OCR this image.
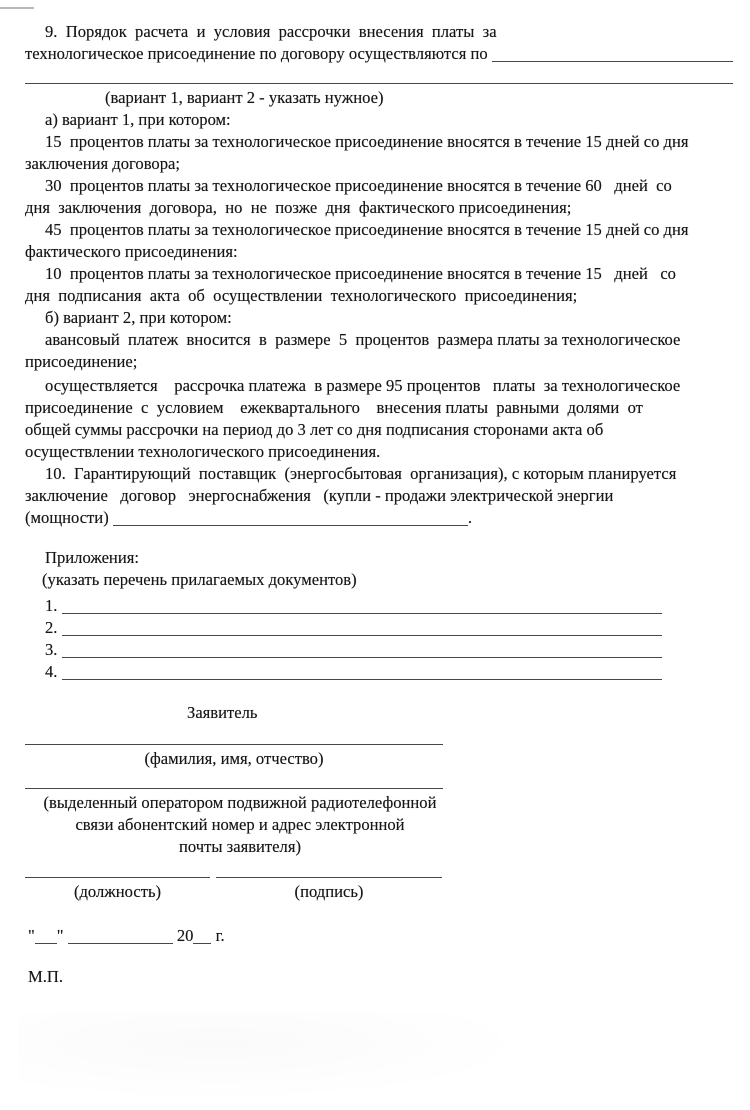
9.  Порядок  расчета  и  условия  рассрочки  внесения  платы  за
технологическое присоединение по договору осуществляются по
(вариант 1, вариант 2 - указать нужное)
а) вариант 1, при котором:
15  процентов платы за технологическое присоединение вносятся в течение 15 дней со дня
заключения договора;
30  процентов платы за технологическое присоединение вносятся в течение 60   дней  со
дня  заключения  договора,  но  не  позже  дня  фактического присоединения;
45  процентов платы за технологическое присоединение вносятся в течение 15 дней со дня
фактического присоединения:
10  процентов платы за технологическое присоединение вносятся в течение 15   дней   со
дня  подписания  акта  об  осуществлении  технологического  присоединения;
б) вариант 2, при котором:
авансовый  платеж  вносится  в  размере  5  процентов  размера платы за технологическое
присоединение;
осуществляется    рассрочка платежа  в размере 95 процентов   платы  за технологическое
присоединение  с  условием    ежеквартального    внесения платы  равными  долями  от
общей суммы рассрочки на период до 3 лет со дня подписания сторонами акта об
осуществлении технологического присоединения.
10.  Гарантирующий  поставщик  (энергосбытовая  организация), с которым планируется
заключение   договор   энергоснабжения   (купли - продажи электрической энергии
(мощности)	.
Приложения:
(указать перечень прилагаемых документов)
1.
2.
3.
4.
Заявитель
(фамилия, имя, отчество)
(выделенный оператором подвижной радиотелефонной
связи абонентский номер и адрес электронной
почты заявителя)
(должность)	(подпись)
" "	20 г.
М.П.
